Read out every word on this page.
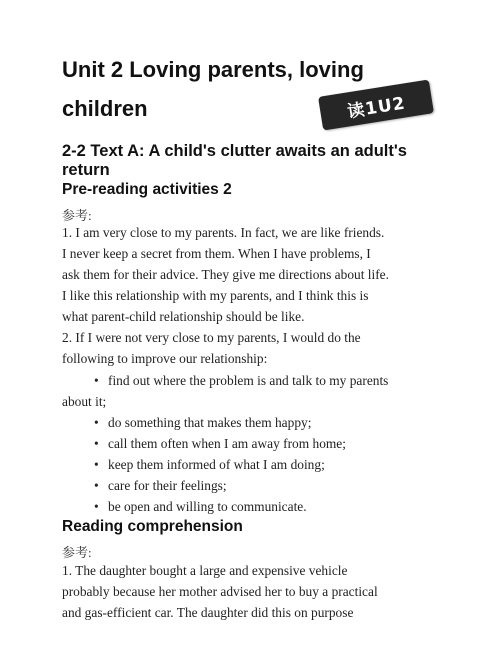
Unit 2 Loving parents, loving
children	读1U2
2-2 Text A: A child's clutter awaits an adult's
return
Pre-reading activities 2
参考:
1. I am very close to my parents. In fact, we are like friends.
I never keep a secret from them. When I have problems, I
ask them for their advice. They give me directions about life.
I like this relationship with my parents, and I think this is
what parent-child relationship should be like.
2. If I were not very close to my parents, I would do the
following to improve our relationship:
• find out where the problem is and talk to my parents
about it;
• do something that makes them happy;
• call them often when I am away from home;
• keep them informed of what I am doing;
• care for their feelings;
• be open and willing to communicate.
Reading comprehension
参考:
1. The daughter bought a large and expensive vehicle
probably because her mother advised her to buy a practical
and gas-efficient car. The daughter did this on purpose
